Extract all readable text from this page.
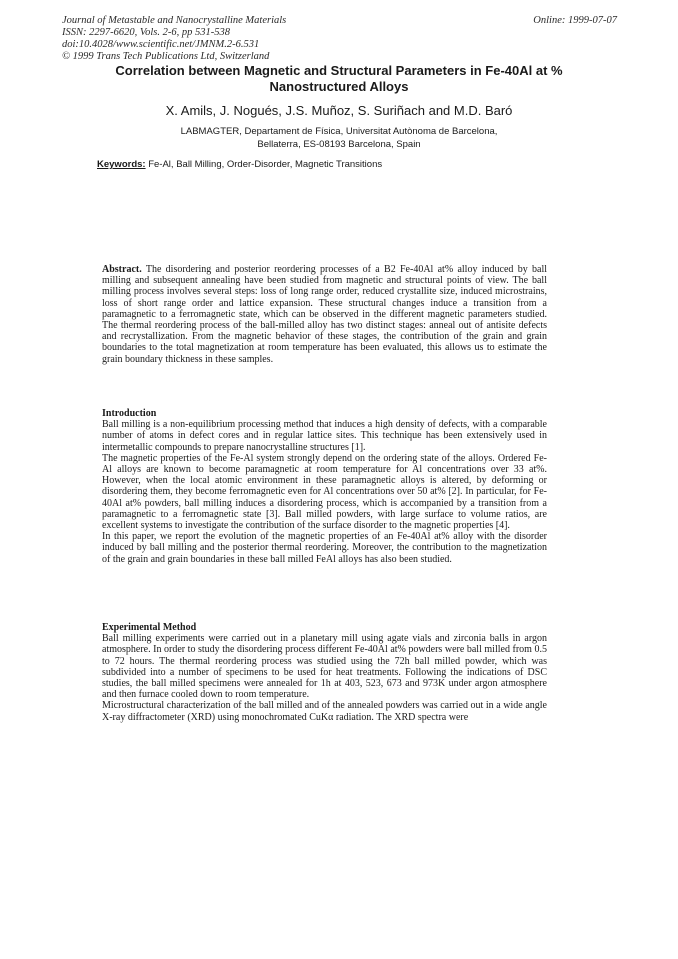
Journal of Metastable and Nanocrystalline Materials
ISSN: 2297-6620, Vols. 2-6, pp 531-538
doi:10.4028/www.scientific.net/JMNM.2-6.531
© 1999 Trans Tech Publications Ltd, Switzerland
Online: 1999-07-07
Correlation between Magnetic and Structural Parameters in Fe-40Al at %
Nanostructured Alloys
X. Amils, J. Nogués, J.S. Muñoz, S. Suriñach and M.D. Baró
LABMAGTER, Departament de Física, Universitat Autònoma de Barcelona,
Bellaterra, ES-08193 Barcelona, Spain
Keywords: Fe-Al, Ball Milling, Order-Disorder, Magnetic Transitions

Abstract. The disordering and posterior reordering processes of a B2 Fe-40Al at% alloy induced by ball milling and subsequent annealing have been studied from magnetic and structural points of view. The ball milling process involves several steps: loss of long range order, reduced crystallite size, induced microstrains, loss of short range order and lattice expansion. These structural changes induce a transition from a paramagnetic to a ferromagnetic state, which can be observed in the different magnetic parameters studied. The thermal reordering process of the ball-milled alloy has two distinct stages: anneal out of antisite defects and recrystallization. From the magnetic behavior of these stages, the contribution of the grain and grain boundaries to the total magnetization at room temperature has been evaluated, this allows us to estimate the grain boundary thickness in these samples.

Introduction

Ball milling is a non-equilibrium processing method that induces a high density of defects, with a comparable number of atoms in defect cores and in regular lattice sites. This technique has been extensively used in intermetallic compounds to prepare nanocrystalline structures [1].

The magnetic properties of the Fe-Al system strongly depend on the ordering state of the alloys. Ordered Fe-Al alloys are known to become paramagnetic at room temperature for Al concentrations over 33 at%. However, when the local atomic environment in these paramagnetic alloys is altered, by deforming or disordering them, they become ferromagnetic even for Al concentrations over 50 at% [2]. In particular, for Fe-40Al at% powders, ball milling induces a disordering process, which is accompanied by a transition from a paramagnetic to a ferromagnetic state [3]. Ball milled powders, with large surface to volume ratios, are excellent systems to investigate the contribution of the surface disorder to the magnetic properties [4].

In this paper, we report the evolution of the magnetic properties of an Fe-40Al at% alloy with the disorder induced by ball milling and the posterior thermal reordering. Moreover, the contribution to the magnetization of the grain and grain boundaries in these ball milled FeAl alloys has also been studied.

Experimental Method

Ball milling experiments were carried out in a planetary mill using agate vials and zirconia balls in argon atmosphere. In order to study the disordering process different Fe-40Al at% powders were ball milled from 0.5 to 72 hours. The thermal reordering process was studied using the 72h ball milled powder, which was subdivided into a number of specimens to be used for heat treatments. Following the indications of DSC studies, the ball milled specimens were annealed for 1h at 403, 523, 673 and 973K under argon atmosphere and then furnace cooled down to room temperature.

Microstructural characterization of the ball milled and of the annealed powders was carried out in a wide angle X-ray diffractometer (XRD) using monochromated CuKα radiation. The XRD spectra were
